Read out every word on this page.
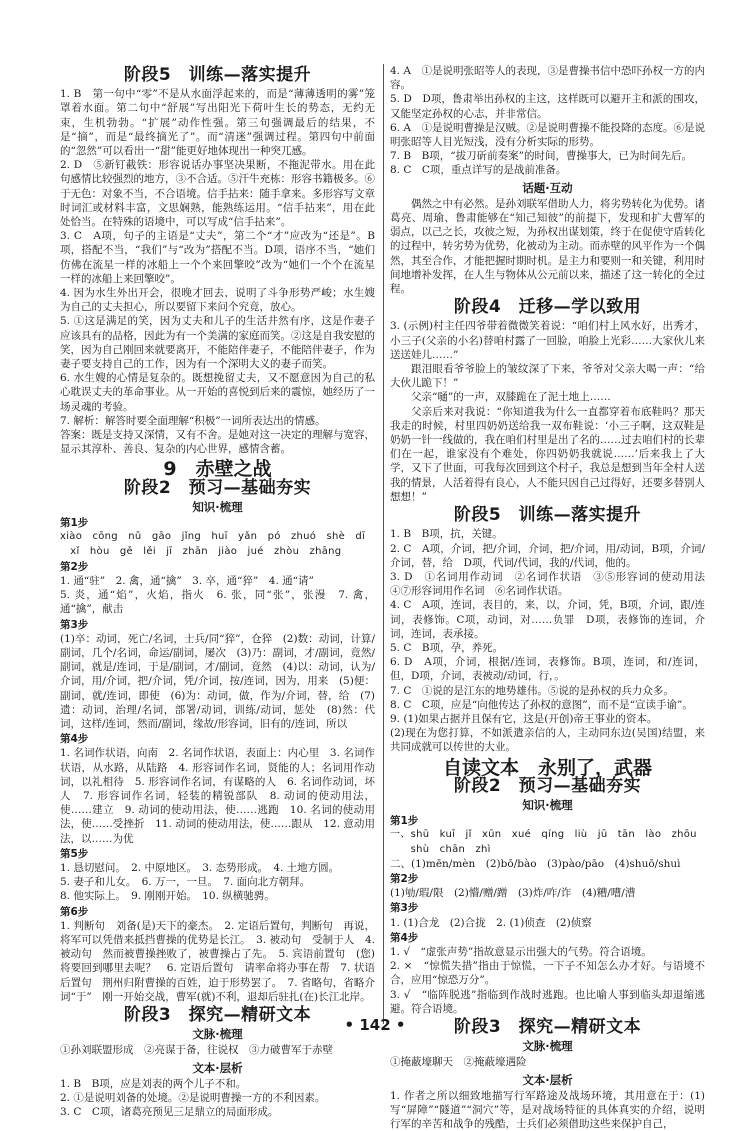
阶段5　训练—落实提升

1. B　第一句中“零”不是从水面浮起来的，而是“薄薄透明的雾”笼罩着水面。第二句中“舒展”写出阳光下荷叶生长的势态，无约无束，生机勃勃。“扩展”动作性强。第三句强调最后的结果，不是“摘”，而是“最终摘光了”。而“清迷”强调过程。第四句中前面的“忽然”可以看出一“甜”能更好地体现出一种突兀感。

2. D　⑤新钉截铁：形容说话办事坚决果断，不拖泥带水。用在此句感情比较强烈的地方，③不合适。⑤汗牛充栋：形容书籍极多。⑥于无色：对象不当，不合语境。信手拈来：随手拿来。多形容写文章时词汇或材料丰富，文思娴熟，能熟练运用。“信手拈来”，用在此处恰当。在特殊的语境中，可以写成“信手拈来”。

3. C　A项，句子的主语是“丈夫”，第二个“才”应改为“还是”。B项，搭配不当，“我们”与“改为”搭配不当。D项，语序不当，“她们仿佛在流星一样的冰船上一个个来回擎咬”改为“她们一个个在流星一样的冰船上来回擎咬”。

4. 因为水生外出开会，很晚才回去，说明了斗争形势严峻；水生嫂为自己的丈夫担心，所以要留下来问个究竟，放心。

5. ①这是满足的笑，因为丈夫和儿子的生活井然有序，这是作妻子应该具有的品格，因此为有一个美满的家庭而笑。②这是自我安慰的笑，因为自己刚回来就要离开，不能陪伴妻子，不能陪伴妻子，作为妻子要支持自己的工作，因为有一个深明大义的妻子而笑。

6. 水生嫂的心情是复杂的。既想挽留丈夫，又不愿意因为自己的私心耽误丈夫的革命事业。从一开始的喜悦到后来的震惊，她经历了一场灵魂的考验。

7. 解析：解答时要全面理解“积极”一词所表达出的情感。

答案：既是支持又深情，又有不舍。是她对这一决定的理解与宽容，显示其淳朴、善良、复杂的内心世界，感情含蓄。

9　赤壁之战
阶段2　预习—基础夯实
知识·梳理
第1步

xiào　cōng　nǔ　gāo　jǐng　huī　yǎn　pó　zhuó　shè　dī

　xǐ　hòu　gě　lěi　jī　zhān　jiào　jué　zhòu　zhāng

第2步

1. 通“驻”　2. 禽，通“擒”　3. 卒，通“猝”　4. 通“请”

5. 炎，通“焰”，火焰，指火　6. 张，同“张”，张漫　7. 禽，通“擒”，献击

第3步

(1)卒：动词，死亡/名词，士兵/同“猝”，仓猝　(2)数：动词，计算/副词，几个/名词，命运/副词，屡次　(3)乃：副词，才/副词，竟然/副词，就是/连词，于是/副词，才/副词，竟然　(4)以：动词，认为/介词，用/介词，把/介词，凭/介词，按/连词，因为，用来　(5)便：副词，就/连词，即使　(6)为：动词，做，作为/介词，替，给　(7)遗：动词，治理/名词，部署/动词，训练/动词，惩处　(8)然：代词，这样/连词，然而/副词，缘故/形容词，旧有的/连词，所以

第4步

1. 名词作状语，向南　2. 名词作状语，表面上：内心里　3. 名词作状语，从水路，从陆路　4. 形容词作名词，贤能的人；名词用作动词，以礼相待　5. 形容词作名词，有谋略的人　6. 名词作动词，坏人　7. 形容词作名词，轻装的精锐部队　8. 动词的使动用法，使……建立　9. 动词的使动用法，使……逃跑　10. 名词的使动用法，使……受挫折　11. 动词的使动用法，使……跟从　12. 意动用法，以……为优

第5步

1. 恳切慰问。　2. 中原地区。　3. 态势形成。　4. 土地方圆。

5. 妻子和儿女。　6. 万一，一旦。　7. 面向北方朝拜。

8. 他实际上。　9. 刚刚开始。　10. 纵横驰骋。

第6步

1. 判断句　刘备(是)天下的豪杰。　2. 定语后置句，判断句　再说，将军可以凭借来抵挡曹操的优势是长江。　3. 被动句　受制于人　4. 被动句　然而被曹操挫败了，被曹操占了先。　5. 宾语前置句　(您)将要回到哪里去呢？　6. 定语后置句　请率命将办事在帮　7. 状语后置句　荆州归附曹操的百姓，迫于形势罢了。　7. 省略句，省略介词“于”　刚一开始交战，曹军(就)不利，退却后驻扎(在)长江北岸。

阶段3　探究—精研文本
文脉·梳理

①孙刘联盟形成　②亮谋于备，往说权　③力破曹军于赤壁

文本·层析

1. B　B项，应是刘表的两个儿子不和。

2. ①是说明刘备的处境。②是说明曹操一方的不利因素。

3. C　C项，诸葛亮预见三足鼎立的局面形成。

4. A　①是说明张昭等人的表现，③是曹操书信中恐吓孙权一方的内容。

5. D　D项，鲁肃举出孙权的主这，这样既可以避开主和派的围攻，又能坚定孙权的心志，并非常信。

6. A　①是说明曹操是汉贼。②是说明曹操不能投降的态度。⑥是说明张昭等人目光短浅，没有分析实际的形势。

7. B　B项，“拔刀斫前奏案”的时间，曹操事大，已为时间先后。

8. C　C项，重点详写的是战前准备。

话题·互动

偶然之中有必然。是孙刘联军借助人力，将劣势转化为优势。诸葛亮、周瑜、鲁肃能够在“知己知彼”的前提下，发现和扩大曹军的弱点，以己之长，攻彼之短，为孙权出谋划策，终于在促使守盾转化的过程中，转劣势为优势，化被动为主动。而赤壁的风平作为一个偶然，其至合作，才能把握时期时机。是主力和要则一和关键，利用时间地增补发挥，在人生与物体从公元前以来，描述了这一转化的全过程。

阶段4　迁移—学以致用

3. (示例)村主任四爷带着微微笑着说：“咱们村上风水好，出秀才，小三子(父亲的小名)替咱村露了一回脸，咱脸上光彩……大家伙儿来送送娃儿……”

跟泪眼看爷爷脸上的皱纹深了下来，爷爷对父亲大喝一声：“给大伙儿跪下！”

父亲“嗵”的一声，双膝跪在了泥土地上……

父亲后来对我说：“你知道我为什么一直都穿着布底鞋吗？那天我走的时候，村里四奶奶送给我一双布鞋说：‘小三子啊，这双鞋是奶奶一针一线做的，我在咱们村里是出了名的……过去咱们村的长辈们在一起，谁家没有个难处，你四奶奶我就说……’后来我上了大学，又下了世面，可我每次回到这个村子，我总是想到当年全村人送我的情景，人活着得有良心，人不能只因自己过得好，还要多替别人想想！”

阶段5　训练—落实提升

1. B　B项，抗，关键。

2. C　A项，介词，把/介词，介词，把/介词，用/动词，B项，介词/介词，替，给　D项，代词/代词，我的/代词，他的。

3. D　①名词用作动词　②名词作状语　③⑤形容词的使动用法　④⑦形容词用作名词　⑥名词作状语。

4. C　A项，连词，表目的，来，以，介词，凭，B项，介词，跟/连词，表修饰。C项，动词，对……负罪　D项，表修饰的连词，介词，连词，表承接。

5. C　B项，孕，养死。

6. D　A项，介词，根据/连词，表修饰。B项，连词，和/连词，但，D项，介词，表被动/动词，行，。

7. C　①说的是江东的地势雄伟。⑤说的是孙权的兵力众多。

8. C　C项，应是“向他传达了孙权的意图”，而不是“宣读手谕”。

9. (1)如果占据并且保有它，这是(开创)帝王事业的资本。

(2)现在为您打算，不如派遣亲信的人，主动同东边(吴国)结盟，来共同成就可以传世的大业。

自读文本　永别了，武器
阶段2　预习—基础夯实
知识·梳理
第1步

一、shū　kuī　jǐ　xūn　xué　qíng　liù　jū　tān　lào　zhōu

　　shù　chān　zhì

二、(1)mēn/mèn　(2)bō/bào　(3)pào/pāo　(4)shuō/shuì

第2步

(1)劬/瑕/限　(2)懵/赠/蹭　(3)炸/咋/诈　(4)糟/嘈/漕

第3步

1. (1)合龙　(2)合拢　2. (1)侦查　(2)侦察

第4步

1. √　“虚张声势”指故意显示出强大的气势。符合语境。

2. ×　“惊慌失措”指由于惊慌，一下子不知怎么办才好。与语境不合，应用“惊恐万分”。

3. √　“临阵脱逃”指临到作战时逃跑。也比喻人事到临头却退缩逃避。符合语境。

阶段3　探究—精研文本
文脉·梳理

①掩蔽壕聊天　②掩蔽壕遇险

文本·层析

1. 作者之所以细致地描写行军路途及战场环境，其用意在于：(1)写“屏障”“隧道”“洞穴”等，是对战场特征的具体真实的介绍，说明行军的辛苦和战争的残酷，士兵们必须借助这些来保护自己，

• 142 •
